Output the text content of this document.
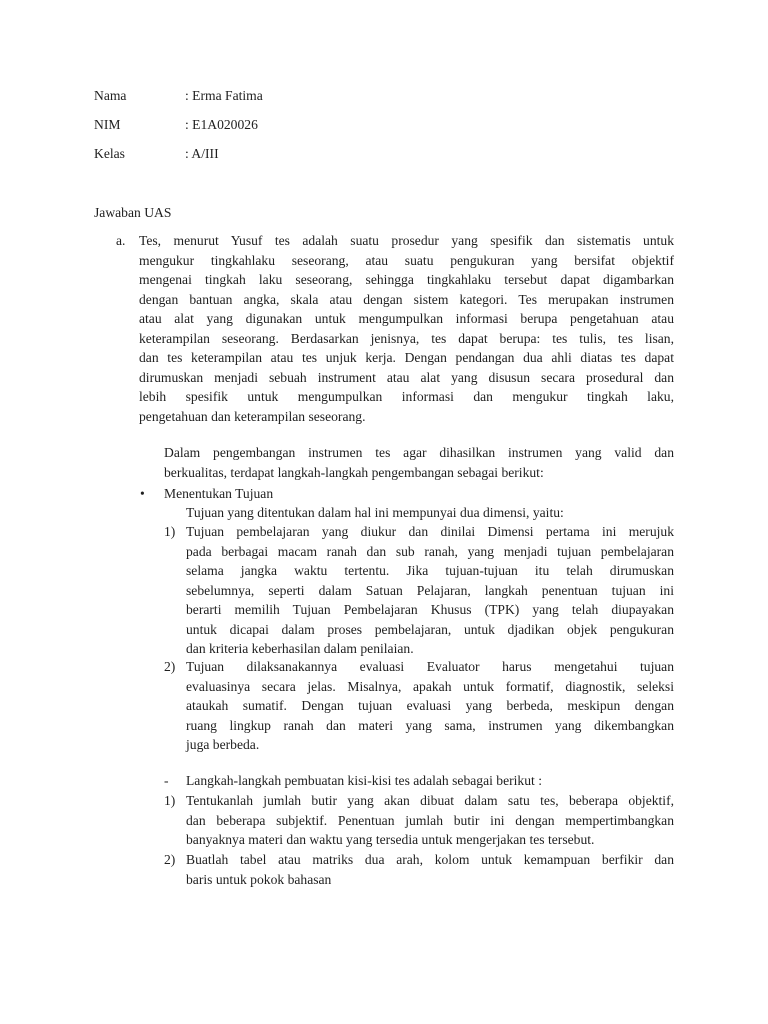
Nama	: Erma Fatima
NIM	: E1A020026
Kelas	: A/III
Jawaban UAS
a. Tes, menurut Yusuf tes adalah suatu prosedur yang spesifik dan sistematis untuk
mengukur tingkahlaku seseorang, atau suatu pengukuran yang bersifat objektif
mengenai tingkah laku seseorang, sehingga tingkahlaku tersebut dapat digambarkan
dengan bantuan angka, skala atau dengan sistem kategori. Tes merupakan instrumen
atau alat yang digunakan untuk mengumpulkan informasi berupa pengetahuan atau
keterampilan seseorang. Berdasarkan jenisnya, tes dapat berupa: tes tulis, tes lisan,
dan tes keterampilan atau tes unjuk kerja. Dengan pendangan dua ahli diatas tes dapat
dirumuskan menjadi sebuah instrument atau alat yang disusun secara prosedural dan
lebih spesifik untuk mengumpulkan informasi dan mengukur tingkah laku,
pengetahuan dan keterampilan seseorang.
Dalam pengembangan instrumen tes agar dihasilkan instrumen yang valid dan
berkualitas, terdapat langkah-langkah pengembangan sebagai berikut:
• Menentukan Tujuan
Tujuan yang ditentukan dalam hal ini mempunyai dua dimensi, yaitu:
1) Tujuan pembelajaran yang diukur dan dinilai Dimensi pertama ini merujuk
pada berbagai macam ranah dan sub ranah, yang menjadi tujuan pembelajaran
selama jangka waktu tertentu. Jika tujuan-tujuan itu telah dirumuskan
sebelumnya, seperti dalam Satuan Pelajaran, langkah penentuan tujuan ini
berarti memilih Tujuan Pembelajaran Khusus (TPK) yang telah diupayakan
untuk dicapai dalam proses pembelajaran, untuk djadikan objek pengukuran
dan kriteria keberhasilan dalam penilaian.
2) Tujuan dilaksanakannya evaluasi Evaluator harus mengetahui tujuan
evaluasinya secara jelas. Misalnya, apakah untuk formatif, diagnostik, seleksi
ataukah sumatif. Dengan tujuan evaluasi yang berbeda, meskipun dengan
ruang lingkup ranah dan materi yang sama, instrumen yang dikembangkan
juga berbeda.
- Langkah-langkah pembuatan kisi-kisi tes adalah sebagai berikut :
1) Tentukanlah jumlah butir yang akan dibuat dalam satu tes, beberapa objektif,
dan beberapa subjektif. Penentuan jumlah butir ini dengan mempertimbangkan
banyaknya materi dan waktu yang tersedia untuk mengerjakan tes tersebut.
2) Buatlah tabel atau matriks dua arah, kolom untuk kemampuan berfikir dan
baris untuk pokok bahasan
